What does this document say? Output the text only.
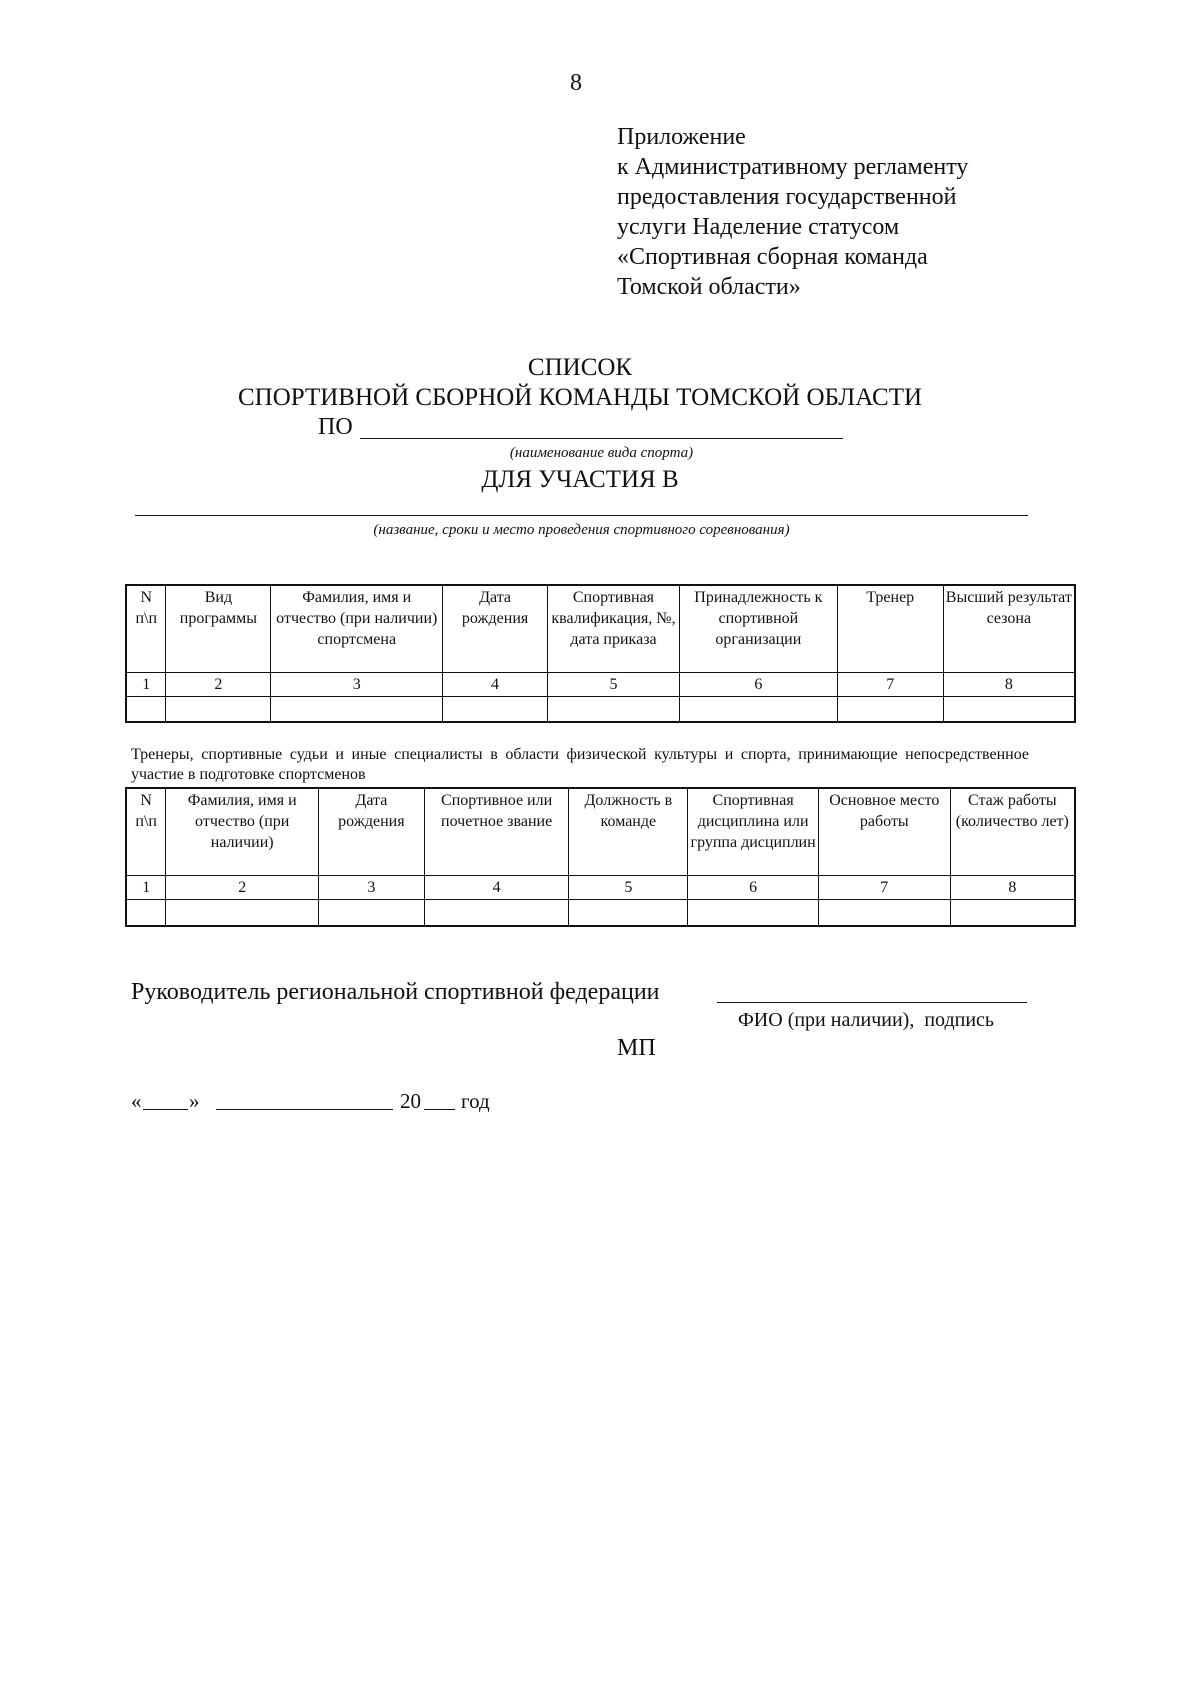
8
Приложение
к Административному регламенту
предоставления государственной
услуги Наделение статусом
«Спортивная сборная команда
Томской области»
СПИСОК
СПОРТИВНОЙ СБОРНОЙ КОМАНДЫ ТОМСКОЙ ОБЛАСТИ
ПО
(наименование вида спорта)
ДЛЯ УЧАСТИЯ В
(название, сроки и место проведения спортивного соревнования)
N п\п	Вид программы	Фамилия, имя и отчество (при наличии) спортсмена	Дата рождения	Спортивная квалификация, №, дата приказа	Принадлежность к спортивной организации	Тренер	Высший результат сезона
1	2	3	4	5	6	7	8

Тренеры, спортивные судьи и иные специалисты в области физической культуры и спорта, принимающие непосредственное участие в подготовке спортсменов
N п\п	Фамилия, имя и отчество (при наличии)	Дата рождения	Спортивное или почетное звание	Должность в команде	Спортивная дисциплина или группа дисциплин	Основное место работы	Стаж работы (количество лет)
1	2	3	4	5	6	7	8

Руководитель региональной спортивной федерации
ФИО (при наличии),  подпись
МП
« »	20 год
